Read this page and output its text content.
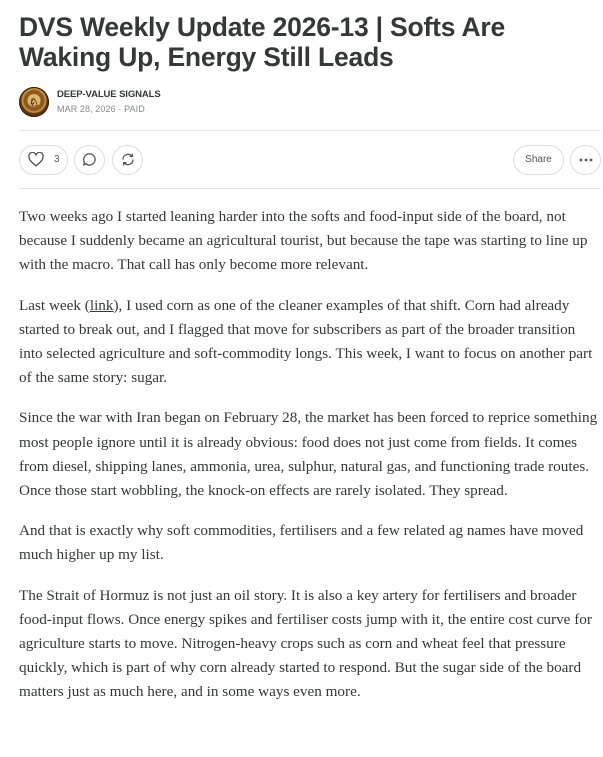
DVS Weekly Update 2026-13 | Softs Are Waking Up, Energy Still Leads
♘
DEEP-VALUE SIGNALS
MAR 28, 2026 · PAID
3	Share

Two weeks ago I started leaning harder into the softs and food-input side of the board, not because I suddenly became an agricultural tourist, but because the tape was starting to line up with the macro. That call has only become more relevant.

Last week (link), I used corn as one of the cleaner examples of that shift. Corn had already started to break out, and I flagged that move for subscribers as part of the broader transition into selected agriculture and soft-commodity longs. This week, I want to focus on another part of the same story: sugar.

Since the war with Iran began on February 28, the market has been forced to reprice something most people ignore until it is already obvious: food does not just come from fields. It comes from diesel, shipping lanes, ammonia, urea, sulphur, natural gas, and functioning trade routes. Once those start wobbling, the knock-on effects are rarely isolated. They spread.

And that is exactly why soft commodities, fertilisers and a few related ag names have moved much higher up my list.

The Strait of Hormuz is not just an oil story. It is also a key artery for fertilisers and broader food-input flows. Once energy spikes and fertiliser costs jump with it, the entire cost curve for agriculture starts to move. Nitrogen-heavy crops such as corn and wheat feel that pressure quickly, which is part of why corn already started to respond. But the sugar side of the board matters just as much here, and in some ways even more.
